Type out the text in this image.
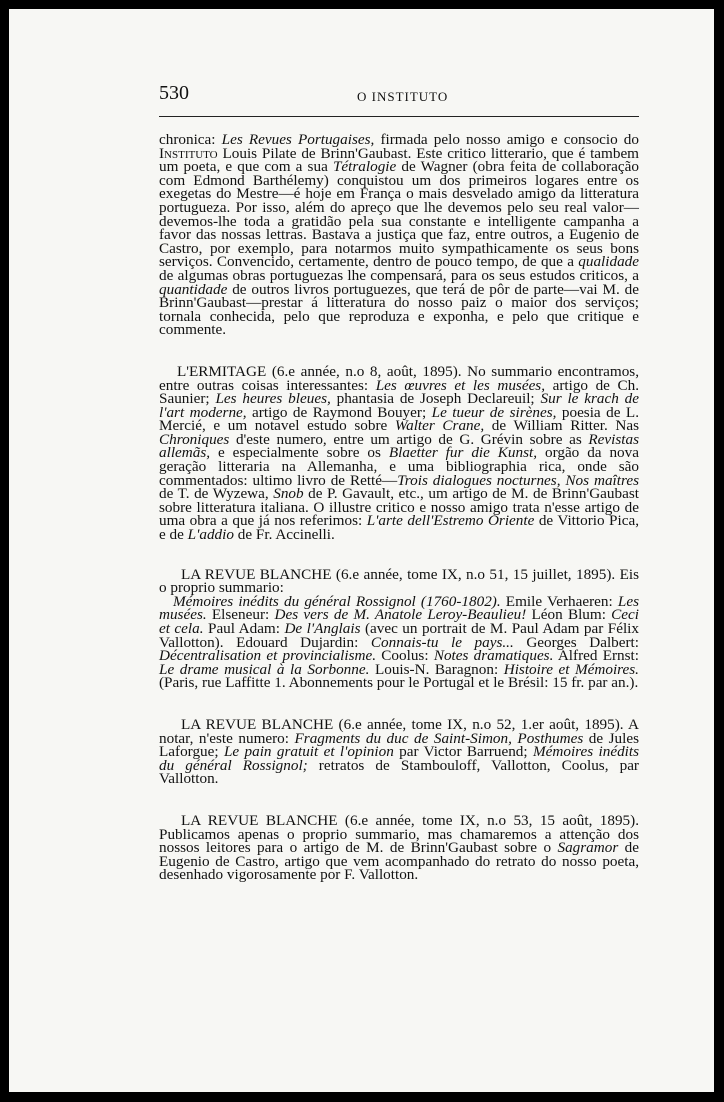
530	O INSTITUTO

chronica: Les Revues Portugaises, firmada pelo nosso amigo e consocio do Instituto Louis Pilate de Brinn'Gaubast. Este critico litterario, que é tambem um poeta, e que com a sua Tétralogie de Wagner (obra feita de collaboração com Edmond Barthélemy) conquistou um dos primeiros logares entre os exegetas do Mestre—é hoje em França o mais desvelado amigo da litteratura portugueza. Por isso, além do apreço que lhe devemos pelo seu real valor—devemos-lhe toda a gratidão pela sua constante e intelligente campanha a favor das nossas lettras. Bastava a justiça que faz, entre outros, a Eugenio de Castro, por exemplo, para notarmos muito sympathicamente os seus bons serviços. Convencido, certamente, dentro de pouco tempo, de que a qualidade de algumas obras portuguezas lhe compensará, para os seus estudos criticos, a quantidade de outros livros portuguezes, que terá de pôr de parte—vai M. de Brinn'Gaubast—prestar á litteratura do nosso paiz o maior dos serviços; tornala conhecida, pelo que reproduza e exponha, e pelo que critique e commente.

L'ERMITAGE (6.e année, n.o 8, août, 1895). No summario encontramos, entre outras coisas interessantes: Les œuvres et les musées, artigo de Ch. Saunier; Les heures bleues, phantasia de Joseph Declareuil; Sur le krach de l'art moderne, artigo de Raymond Bouyer; Le tueur de sirènes, poesia de L. Mercié, e um notavel estudo sobre Walter Crane, de William Ritter. Nas Chroniques d'este numero, entre um artigo de G. Grévin sobre as Revistas allemãs, e especialmente sobre os Blaetter fur die Kunst, orgão da nova geração litteraria na Allemanha, e uma bibliographia rica, onde são commentados: ultimo livro de Retté—Trois dialogues nocturnes, Nos maîtres de T. de Wyzewa, Snob de P. Gavault, etc., um artigo de M. de Brinn'Gaubast sobre litteratura italiana. O illustre critico e nosso amigo trata n'esse artigo de uma obra a que já nos referimos: L'arte dell'Estremo Oriente de Vittorio Pica, e de L'addio de Fr. Accinelli.

LA REVUE BLANCHE (6.e année, tome IX, n.o 51, 15 juillet, 1895). Eis o proprio summario:

Mémoires inédits du général Rossignol (1760-1802). Emile Verhaeren: Les musées. Elseneur: Des vers de M. Anatole Leroy-Beaulieu! Léon Blum: Ceci et cela. Paul Adam: De l'Anglais (avec un portrait de M. Paul Adam par Félix Vallotton). Edouard Dujardin: Connais-tu le pays... Georges Dalbert: Décentralisation et provincialisme. Coolus: Notes dramatiques. Alfred Ernst: Le drame musical à la Sorbonne. Louis-N. Baragnon: Histoire et Mémoires. (Paris, rue Laffitte 1. Abonnements pour le Portugal et le Brésil: 15 fr. par an.).

LA REVUE BLANCHE (6.e année, tome IX, n.o 52, 1.er août, 1895). A notar, n'este numero: Fragments du duc de Saint-Simon, Posthumes de Jules Laforgue; Le pain gratuit et l'opinion par Victor Barruend; Mémoires inédits du général Rossignol; retratos de Stambouloff, Vallotton, Coolus, par Vallotton.

LA REVUE BLANCHE (6.e année, tome IX, n.o 53, 15 août, 1895). Publicamos apenas o proprio summario, mas chamaremos a attenção dos nossos leitores para o artigo de M. de Brinn'Gaubast sobre o Sagramor de Eugenio de Castro, artigo que vem acompanhado do retrato do nosso poeta, desenhado vigorosamente por F. Vallotton.
